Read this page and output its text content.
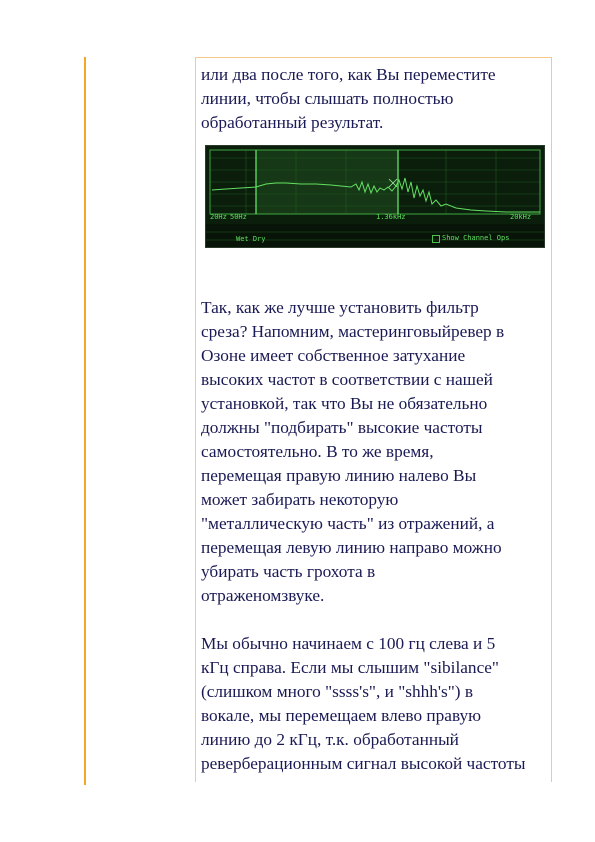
или два после того, как Вы переместите
линии, чтобы слышать полностью
обработанный результат.

20Hz 50Hz	1.36kHz	20kHz
Wet Dry	Show Channel Ops

Так, как же лучше установить фильтр
среза? Напомним, мастеринговыйревер в
Озоне имеет собственное затухание
высоких частот в соответствии с нашей
установкой, так что Вы не обязательно
должны "подбирать" высокие частоты
самостоятельно. В то же время,
перемещая правую линию налево Вы
может забирать некоторую
"металлическую часть" из отражений, а
перемещая левую линию направо можно
убирать часть грохота в
отраженомзвуке.

Мы обычно начинаем с 100 гц слева и 5
кГц справа. Если мы слышим "sibilance"
(слишком много "ssss's", и "shhh's") в
вокале, мы перемещаем влево правую
линию до 2 кГц, т.к. обработанный
реверберационным сигнал высокой частоты
